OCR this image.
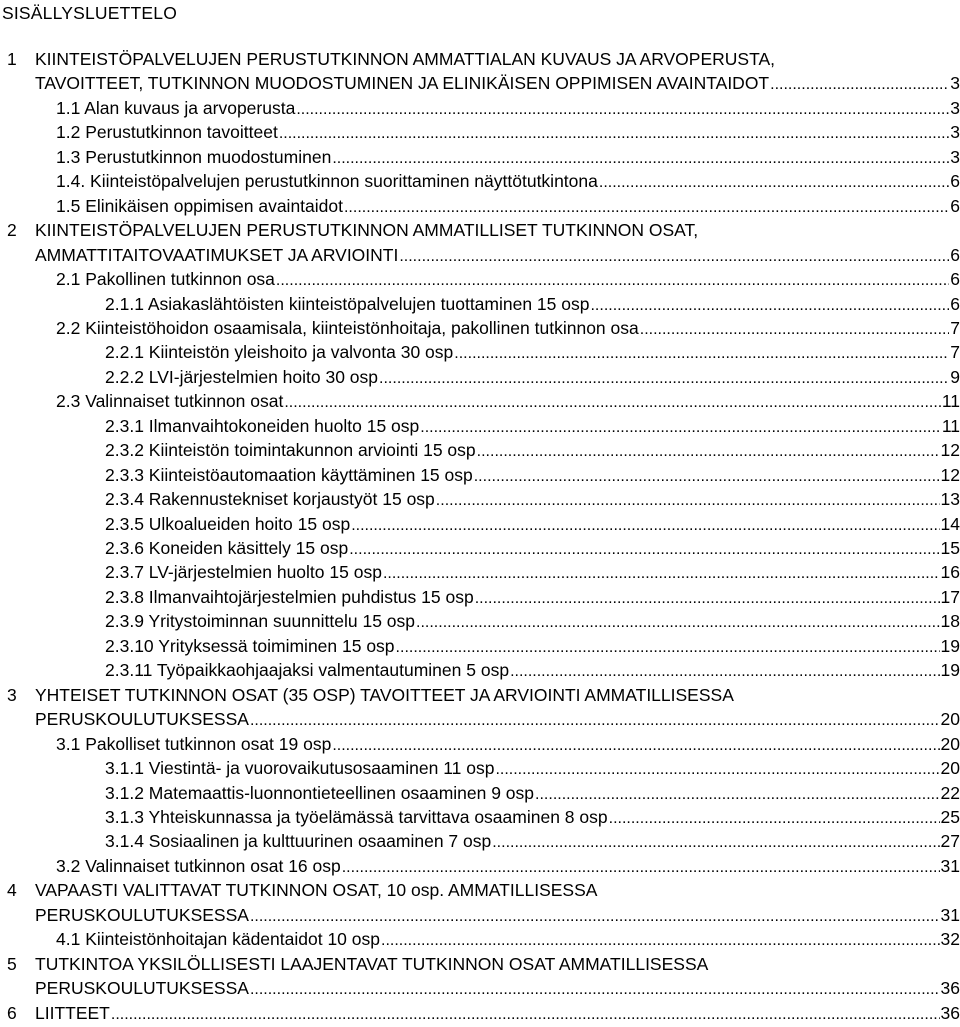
SISÄLLYSLUETTELO
1	KIINTEISTÖPALVELUJEN PERUSTUTKINNON AMMATTIALAN KUVAUS JA ARVOPERUSTA,
TAVOITTEET, TUTKINNON MUODOSTUMINEN JA ELINIKÄISEN OPPIMISEN AVAINTAIDOT .....	3
1.1 Alan kuvaus ja arvoperusta .....	3
1.2 Perustutkinnon tavoitteet .....	3
1.3 Perustutkinnon muodostuminen .....	3
1.4. Kiinteistöpalvelujen perustutkinnon suorittaminen näyttötutkintona .....	6
1.5 Elinikäisen oppimisen avaintaidot .....	6
2	KIINTEISTÖPALVELUJEN PERUSTUTKINNON AMMATILLISET TUTKINNON OSAT,
AMMATTITAITOVAATIMUKSET JA ARVIOINTI .....	6
2.1 Pakollinen tutkinnon osa .....	6
2.1.1 Asiakaslähtöisten kiinteistöpalvelujen tuottaminen 15 osp .....	6
2.2 Kiinteistöhoidon osaamisala, kiinteistönhoitaja, pakollinen tutkinnon osa .....	7
2.2.1 Kiinteistön yleishoito ja valvonta 30 osp .....	7
2.2.2 LVI-järjestelmien hoito 30 osp .....	9
2.3 Valinnaiset tutkinnon osat .....	11
2.3.1 Ilmanvaihtokoneiden huolto 15 osp .....	11
2.3.2 Kiinteistön toimintakunnon arviointi 15 osp .....	12
2.3.3 Kiinteistöautomaation käyttäminen 15 osp .....	12
2.3.4 Rakennustekniset korjaustyöt 15 osp .....	13
2.3.5 Ulkoalueiden hoito 15 osp .....	14
2.3.6 Koneiden käsittely 15 osp .....	15
2.3.7 LV-järjestelmien huolto 15 osp .....	16
2.3.8 Ilmanvaihtojärjestelmien puhdistus 15 osp .....	17
2.3.9 Yritystoiminnan suunnittelu 15 osp .....	18
2.3.10 Yrityksessä toimiminen 15 osp .....	19
2.3.11 Työpaikkaohjaajaksi valmentautuminen 5 osp .....	19
3	YHTEISET TUTKINNON OSAT (35 OSP) TAVOITTEET JA ARVIOINTI AMMATILLISESSA
PERUSKOULUTUKSESSA .....	20
3.1 Pakolliset tutkinnon osat 19 osp .....	20
3.1.1 Viestintä- ja vuorovaikutusosaaminen 11 osp .....	20
3.1.2 Matemaattis-luonnontieteellinen osaaminen 9 osp .....	22
3.1.3 Yhteiskunnassa ja työelämässä tarvittava osaaminen 8 osp .....	25
3.1.4 Sosiaalinen ja kulttuurinen osaaminen 7 osp .....	27
3.2 Valinnaiset tutkinnon osat 16 osp .....	31
4	VAPAASTI VALITTAVAT TUTKINNON OSAT, 10 osp. AMMATILLISESSA
PERUSKOULUTUKSESSA .....	31
4.1 Kiinteistönhoitajan kädentaidot 10 osp .....	32
5	TUTKINTOA YKSILÖLLISESTI LAAJENTAVAT TUTKINNON OSAT AMMATILLISESSA
PERUSKOULUTUKSESSA .....	36
6	LIITTEET .....	36
